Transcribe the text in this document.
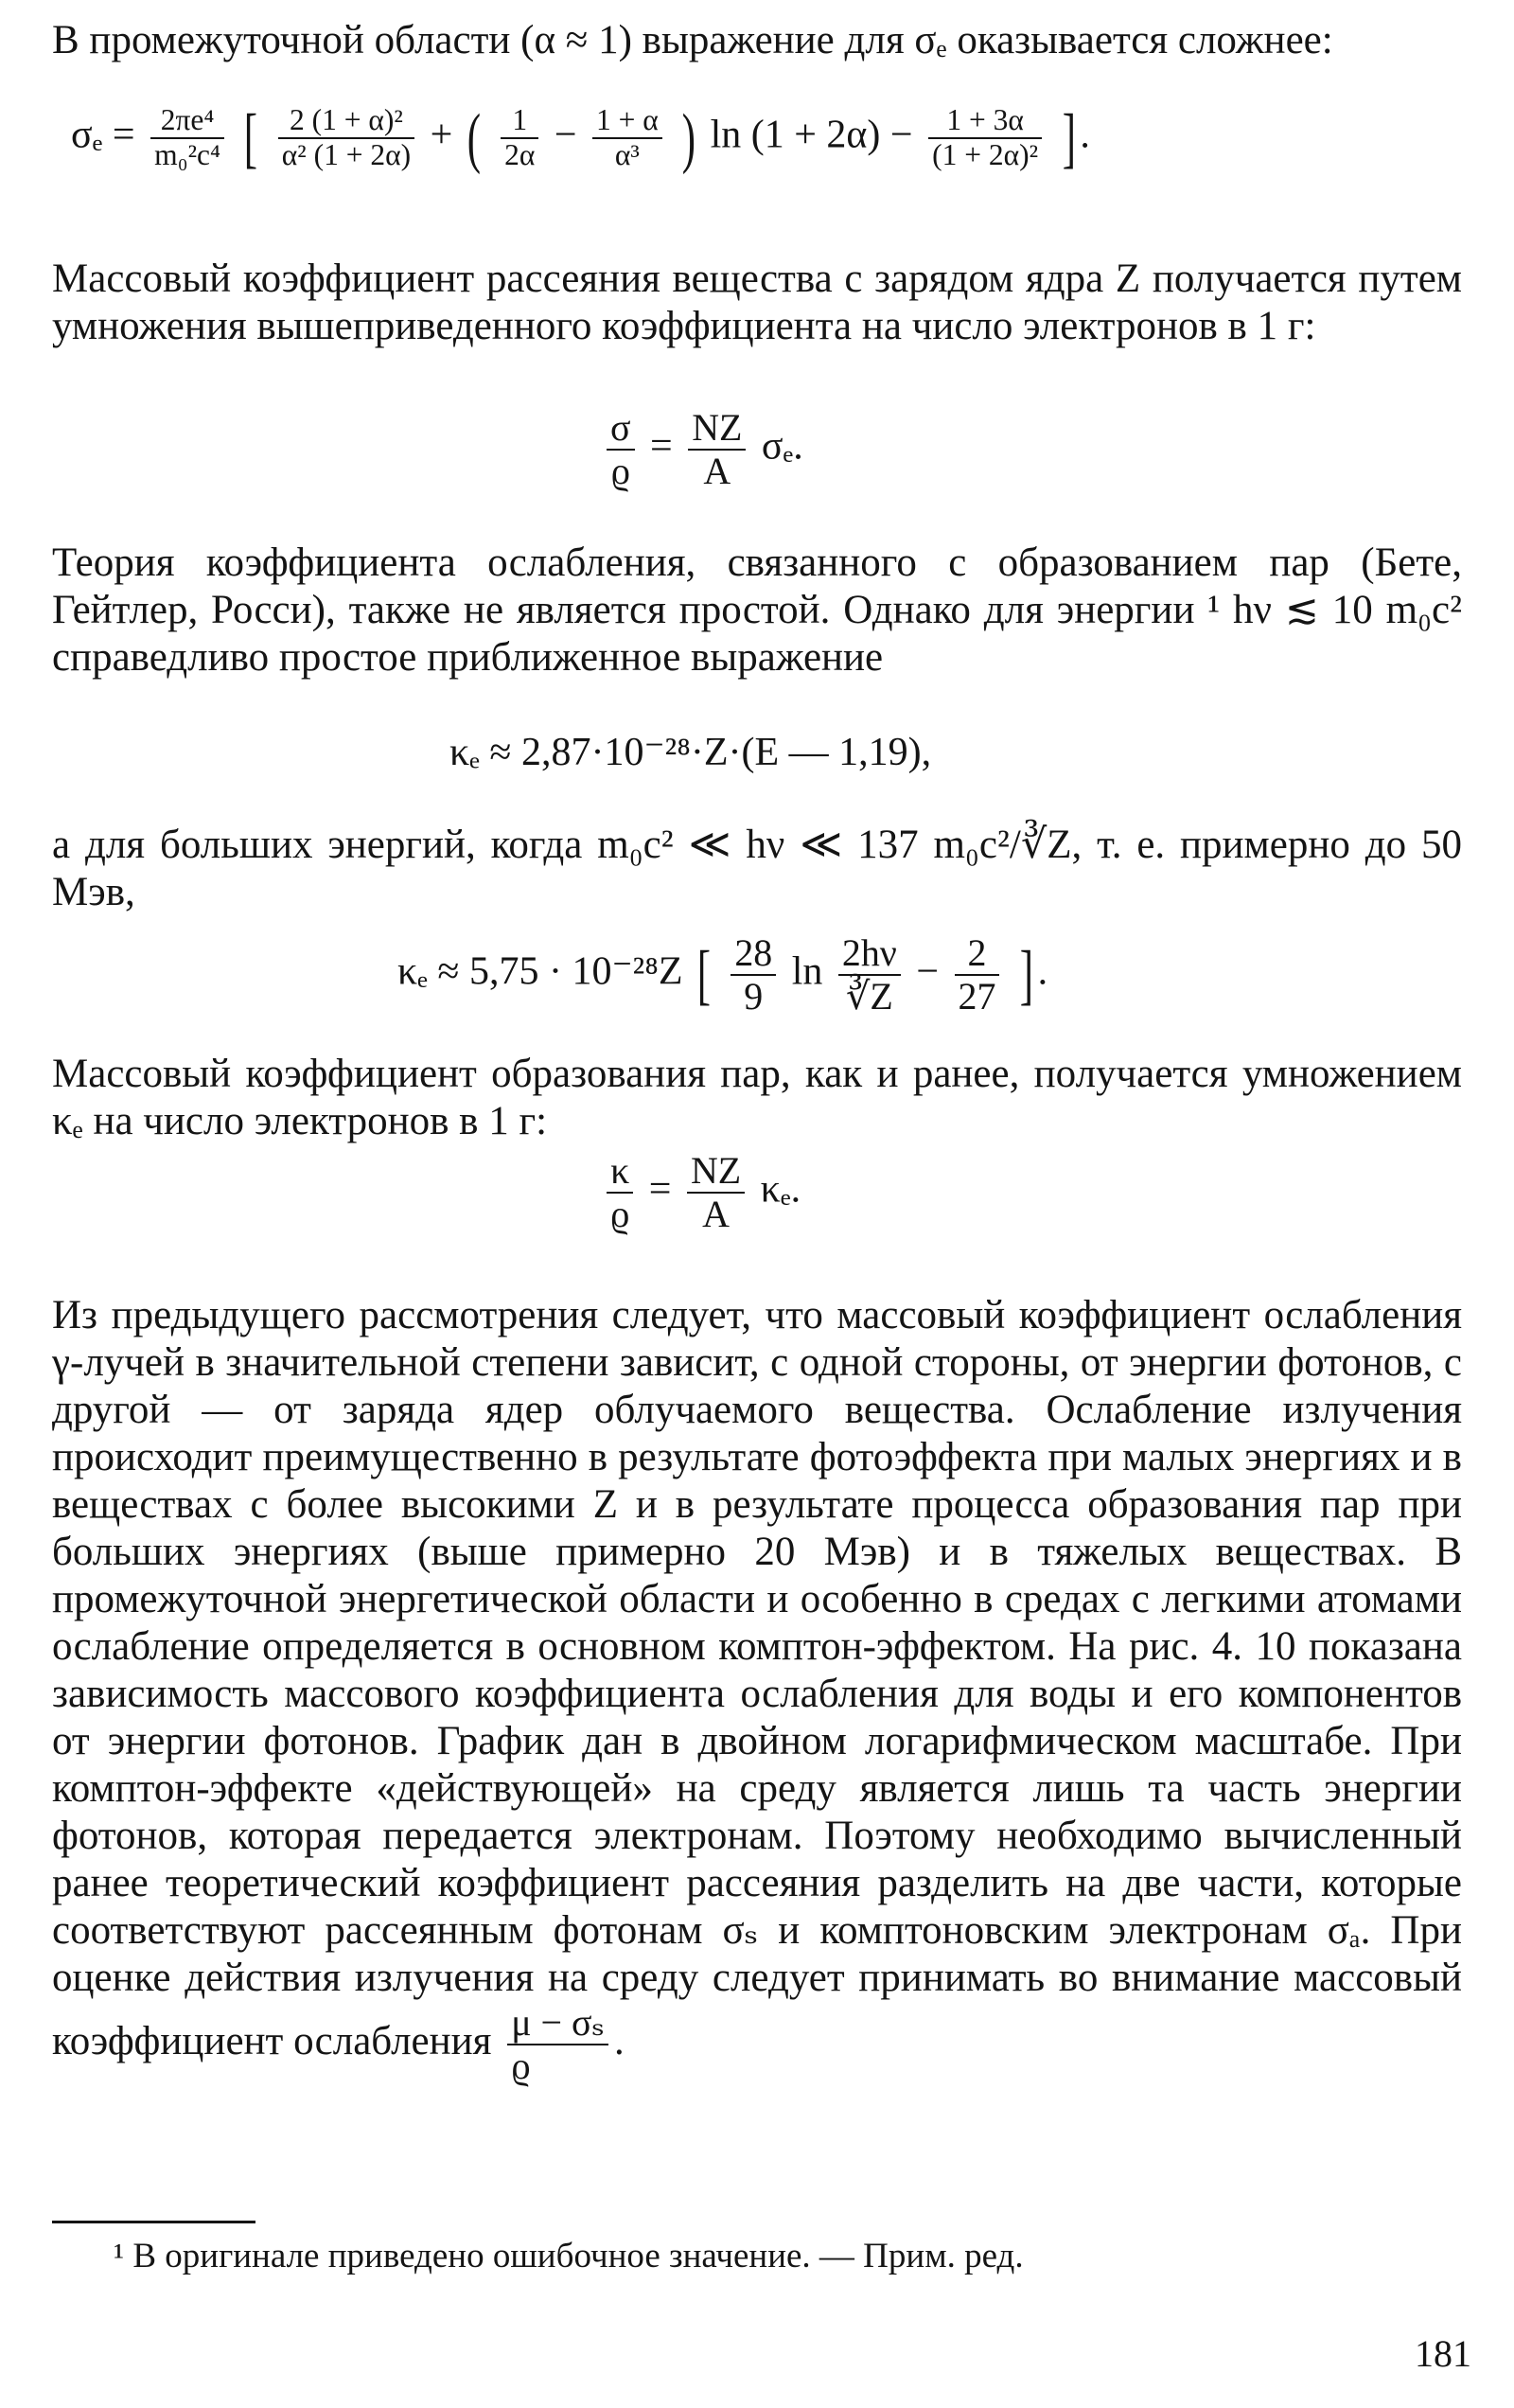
В промежуточной области (α ≈ 1) выражение для σₑ оказывается сложнее:
$\sigma_e = \frac{\text{2πe⁴}}{\text{m₀²c⁴}}$ [ $\frac{\text{2 (1 + α)²}}{\text{α² (1 + 2α)}}$ + ( $\frac{1}{2\alpha} - \frac{1 + \alpha}{\text{α³}}$ ) $\ln (1 + 2\alpha) - \frac{1 + 3\alpha}{\text{(1 + 2α)²}}$ ] .
Массовый коэффициент рассеяния вещества с зарядом ядра Z получается путем умножения вышеприведенного коэффициента на число электронов в 1 г:
$\frac{\sigma}{ϱ} = \frac{NZ}{A} \sigma_e$.
Теория коэффициента ослабления, связанного с образованием пар (Бете, Гейтлер, Росси), также не является простой. Однако для энергии ¹ hν ≲ 10 m₀c² справедливо простое приближенное выражение
κₑ ≈ 2,87·10⁻²⁸·Z·(E — 1,19),
а для больших энергий, когда m₀c² ≪ hν ≪ 137 m₀c²/∛Z, т. е. примерно до 50 Мэв,
κₑ ≈ 5,75 · 10⁻²⁸Z [ $\frac{28}{9}$ $\ln \frac{2h\nu}{∛Z} - \frac{2}{27}$ ] .
Массовый коэффициент образования пар, как и ранее, получается умножением κₑ на число электронов в 1 г:
$\frac{\kappa}{ϱ} = \frac{NZ}{A} \kappa_e$.
Из предыдущего рассмотрения следует, что массовый коэффициент ослабления γ-лучей в значительной степени зависит, с одной стороны, от энергии фотонов, с другой — от заряда ядер облучаемого вещества. Ослабление излучения происходит преимущественно в результате фотоэффекта при малых энергиях и в веществах с более высокими Z и в результате процесса образования пар при больших энергиях (выше примерно 20 Мэв) и в тяжелых веществах. В промежуточной энергетической области и особенно в средах с легкими атомами ослабление определяется в основном комптон-эффектом. На рис. 4. 10 показана зависимость массового коэффициента ослабления для воды и его компонентов от энергии фотонов. График дан в двойном логарифмическом масштабе. При комптон-эффекте «действующей» на среду является лишь та часть энергии фотонов, которая передается электронам. Поэтому необходимо вычисленный ранее теоретический коэффициент рассеяния разделить на две части, которые соответствуют рассеянным фотонам σₛ и комптоновским электронам σₐ. При оценке действия излучения на среду следует принимать во внимание массовый коэффициент ослабления $\frac{\text{μ − σₛ}}{ϱ}$ .
¹ В оригинале приведено ошибочное значение. — Прим. ред.
181
